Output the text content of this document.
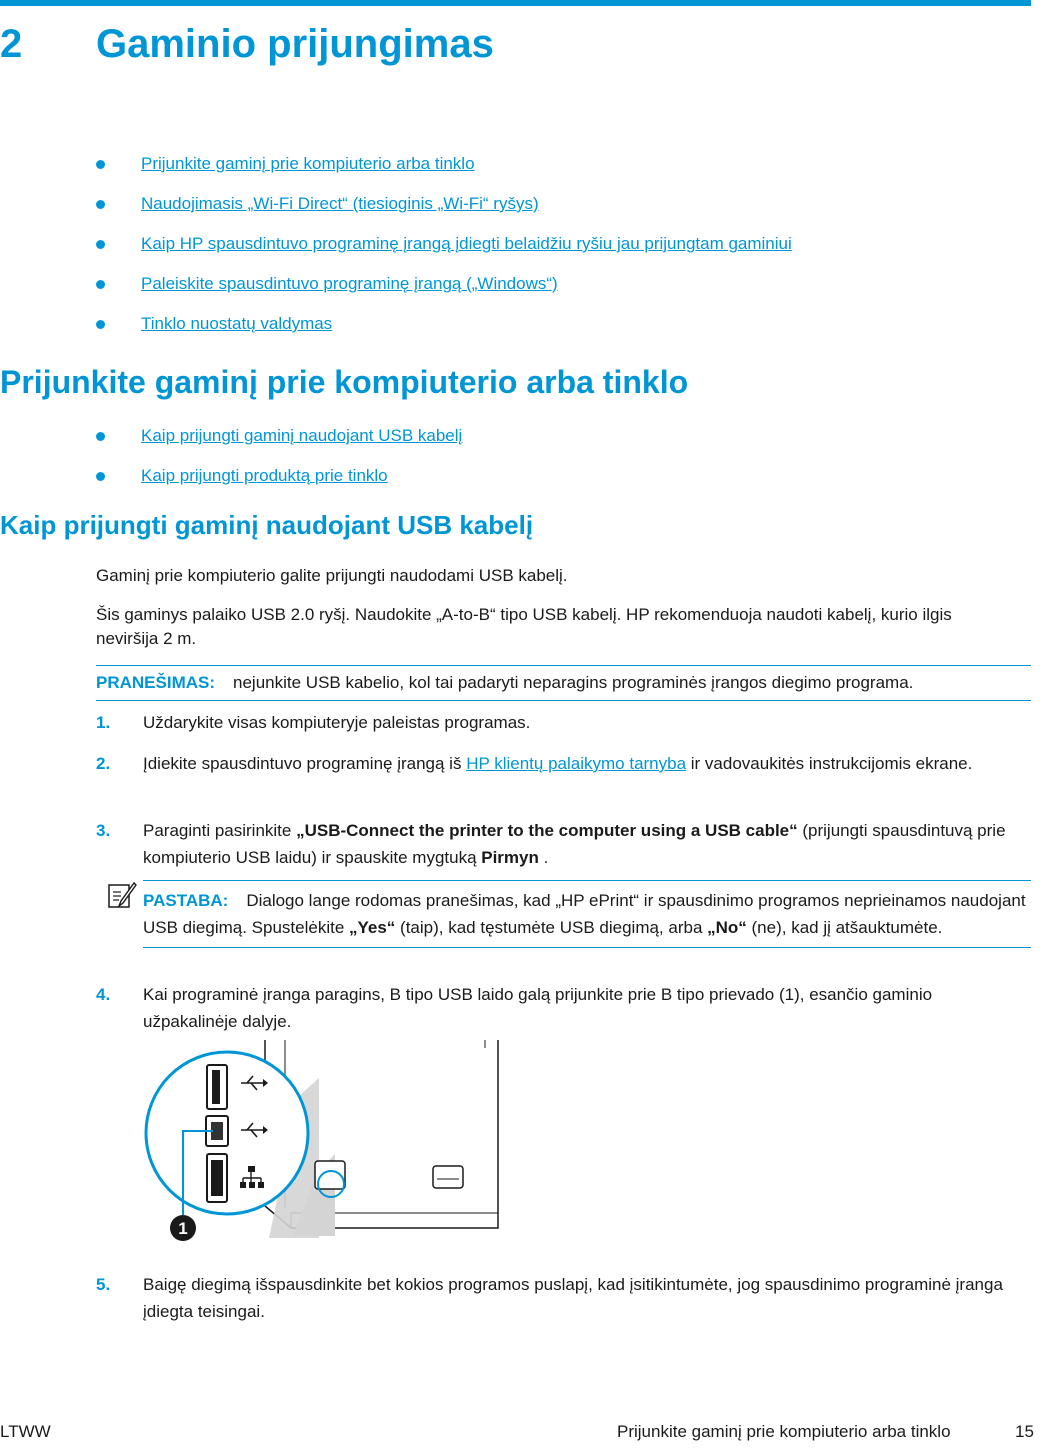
2 Gaminio prijungimas
Prijunkite gaminį prie kompiuterio arba tinklo
Naudojimasis „Wi-Fi Direct“ (tiesioginis „Wi-Fi“ ryšys)
Kaip HP spausdintuvo programinę įrangą įdiegti belaidžiu ryšiu jau prijungtam gaminiui
Paleiskite spausdintuvo programinę įrangą („Windows“)
Tinklo nuostatų valdymas
Prijunkite gaminį prie kompiuterio arba tinklo
Kaip prijungti gaminį naudojant USB kabelį
Kaip prijungti produktą prie tinklo
Kaip prijungti gaminį naudojant USB kabelį
Gaminį prie kompiuterio galite prijungti naudodami USB kabelį.
Šis gaminys palaiko USB 2.0 ryšį. Naudokite „A-to-B“ tipo USB kabelį. HP rekomenduoja naudoti kabelį, kurio ilgis neviršija 2 m.
PRANEŠIMAS: nejunkite USB kabelio, kol tai padaryti neparagins programinės įrangos diegimo programa.
1. Uždarykite visas kompiuteryje paleistas programas.
2. Įdiekite spausdintuvo programinę įrangą iš HP klientų palaikymo tarnyba ir vadovaukitės instrukcijomis ekrane.
3. Paraginti pasirinkite „USB-Connect the printer to the computer using a USB cable“ (prijungti spausdintuvą prie kompiuterio USB laidu) ir spauskite mygtuką Pirmyn .
PASTABA: Dialogo lange rodomas pranešimas, kad „HP ePrint“ ir spausdinimo programos neprieinamos naudojant USB diegimą. Spustelėkite „Yes“ (taip), kad tęstumėte USB diegimą, arba „No“ (ne), kad jį atšauktumėte.
4. Kai programinė įranga paragins, B tipo USB laido galą prijunkite prie B tipo prievado (1), esančio gaminio užpakalinėje dalyje.
1
5. Baigę diegimą išspausdinkite bet kokios programos puslapį, kad įsitikintumėte, jog spausdinimo programinė įranga įdiegta teisingai.
LTWW	Prijunkite gaminį prie kompiuterio arba tinklo	15
